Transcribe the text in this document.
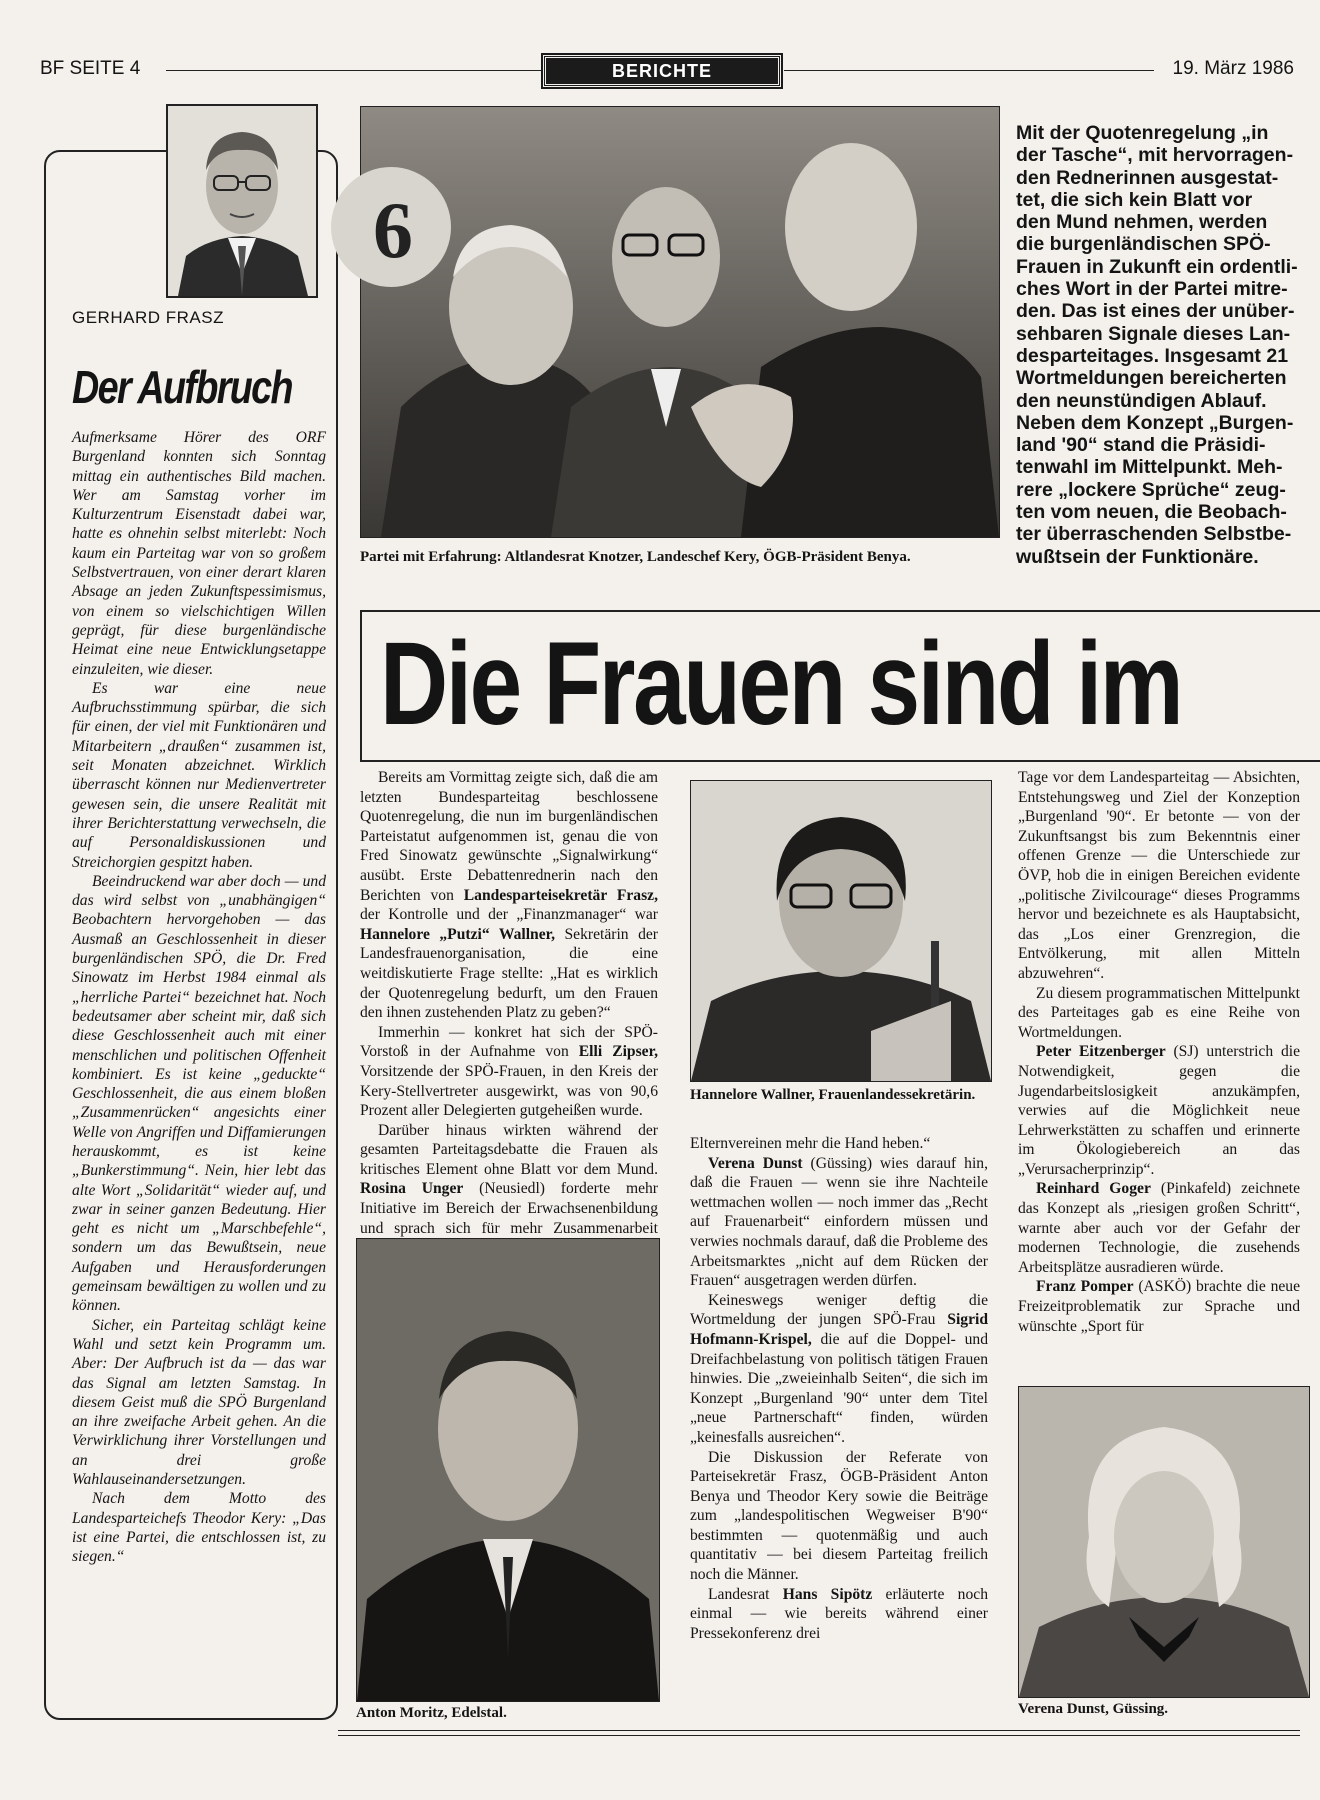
BF SEITE 4	BERICHTE	19. März 1986
GERHARD FRASZ
Der Aufbruch

Aufmerksame Hörer des ORF Burgenland konnten sich Sonntag mittag ein authentisches Bild machen. Wer am Samstag vorher im Kulturzentrum Eisenstadt dabei war, hatte es ohnehin selbst miterlebt: Noch kaum ein Parteitag war von so großem Selbstvertrauen, von einer derart klaren Absage an jeden Zukunftspessimismus, von einem so vielschichtigen Willen geprägt, für diese burgenländische Heimat eine neue Entwicklungsetappe einzuleiten, wie dieser.

Es war eine neue Aufbruchsstimmung spürbar, die sich für einen, der viel mit Funktionären und Mitarbeitern „draußen“ zusammen ist, seit Monaten abzeichnet. Wirklich überrascht können nur Medienvertreter gewesen sein, die unsere Realität mit ihrer Berichterstattung verwechseln, die auf Personaldiskussionen und Streichorgien gespitzt haben.

Beeindruckend war aber doch — und das wird selbst von „unabhängigen“ Beobachtern hervorgehoben — das Ausmaß an Geschlossenheit in dieser burgenländischen SPÖ, die Dr. Fred Sinowatz im Herbst 1984 einmal als „herrliche Partei“ bezeichnet hat. Noch bedeutsamer aber scheint mir, daß sich diese Geschlossenheit auch mit einer menschlichen und politischen Offenheit kombiniert. Es ist keine „geduckte“ Geschlossenheit, die aus einem bloßen „Zusammenrücken“ angesichts einer Welle von Angriffen und Diffamierungen herauskommt, es ist keine „Bunkerstimmung“. Nein, hier lebt das alte Wort „Solidarität“ wieder auf, und zwar in seiner ganzen Bedeutung. Hier geht es nicht um „Marschbefehle“, sondern um das Bewußtsein, neue Aufgaben und Herausforderungen gemeinsam bewältigen zu wollen und zu können.

Sicher, ein Parteitag schlägt keine Wahl und setzt kein Programm um. Aber: Der Aufbruch ist da — das war das Signal am letzten Samstag. In diesem Geist muß die SPÖ Burgenland an ihre zweifache Arbeit gehen. An die Verwirklichung ihrer Vorstellungen und an drei große Wahlauseinandersetzungen.

Nach dem Motto des Landesparteichefs Theodor Kery: „Das ist eine Partei, die entschlossen ist, zu siegen.“

6
Partei mit Erfahrung: Altlandesrat Knotzer, Landeschef Kery, ÖGB-Präsident Benya.
Mit der Quotenregelung „in
der Tasche“, mit hervorragen-
den Rednerinnen ausgestat-
tet, die sich kein Blatt vor
den Mund nehmen, werden
die burgenländischen SPÖ-
Frauen in Zukunft ein ordentli-
ches Wort in der Partei mitre-
den. Das ist eines der unüber-
sehbaren Signale dieses Lan-
desparteitages. Insgesamt 21
Wortmeldungen bereicherten
den neunstündigen Ablauf.
Neben dem Konzept „Burgen-
land '90“ stand die Präsidi-
tenwahl im Mittelpunkt. Meh-
rere „lockere Sprüche“ zeug-
ten vom neuen, die Beobach-
ter überraschenden Selbstbe-
wußtsein der Funktionäre.
Die Frauen sind im

Bereits am Vormittag zeigte sich, daß die am letzten Bundesparteitag beschlossene Quotenregelung, die nun im burgenländischen Parteistatut aufgenommen ist, genau die von Fred Sinowatz gewünschte „Signalwirkung“ ausübt. Erste Debattenrednerin nach den Berichten von Landesparteisekretär Frasz, der Kontrolle und der „Finanzmanager“ war Hannelore „Putzi“ Wallner, Sekretärin der Landesfrauenorganisation, die eine weitdiskutierte Frage stellte: „Hat es wirklich der Quotenregelung bedurft, um den Frauen den ihnen zustehenden Platz zu geben?“

Immerhin — konkret hat sich der SPÖ-Vorstoß in der Aufnahme von Elli Zipser, Vorsitzende der SPÖ-Frauen, in den Kreis der Kery-Stellvertreter ausgewirkt, was von 90,6 Prozent aller Delegierten gutgeheißen wurde.

Darüber hinaus wirkten während der gesamten Parteitagsdebatte die Frauen als kritisches Element ohne Blatt vor dem Mund. Rosina Unger (Neusiedl) forderte mehr Initiative im Bereich der Erwachsenenbildung und sprach sich für mehr Zusammenarbeit

Anton Moritz, Edelstal.
Hannelore Wallner, Frauenlandessekretärin.

Elternvereinen mehr die Hand heben.“

Verena Dunst (Güssing) wies darauf hin, daß die Frauen — wenn sie ihre Nachteile wettmachen wollen — noch immer das „Recht auf Frauenarbeit“ einfordern müssen und verwies nochmals darauf, daß die Probleme des Arbeitsmarktes „nicht auf dem Rücken der Frauen“ ausgetragen werden dürfen.

Keineswegs weniger deftig die Wortmeldung der jungen SPÖ-Frau Sigrid Hofmann-Krispel, die auf die Doppel- und Dreifachbelastung von politisch tätigen Frauen hinwies. Die „zweieinhalb Seiten“, die sich im Konzept „Burgenland '90“ unter dem Titel „neue Partnerschaft“ finden, würden „keinesfalls ausreichen“.

Die Diskussion der Referate von Parteisekretär Frasz, ÖGB-Präsident Anton Benya und Theodor Kery sowie die Beiträge zum „landespolitischen Wegweiser B'90“ bestimmten — quotenmäßig und auch quantitativ — bei diesem Parteitag freilich noch die Männer.

Landesrat Hans Sipötz erläuterte noch einmal — wie bereits während einer Pressekonferenz drei

Tage vor dem Landesparteitag — Absichten, Entstehungsweg und Ziel der Konzeption „Burgenland '90“. Er betonte — von der Zukunftsangst bis zum Bekenntnis einer offenen Grenze — die Unterschiede zur ÖVP, hob die in einigen Bereichen evidente „politische Zivilcourage“ dieses Programms hervor und bezeichnete es als Hauptabsicht, das „Los einer Grenzregion, die Entvölkerung, mit allen Mitteln abzuwehren“.

Zu diesem programmatischen Mittelpunkt des Parteitages gab es eine Reihe von Wortmeldungen.

Peter Eitzenberger (SJ) unterstrich die Notwendigkeit, gegen die Jugendarbeitslosigkeit anzukämpfen, verwies auf die Möglichkeit neue Lehrwerkstätten zu schaffen und erinnerte im Ökologiebereich an das „Verursacherprinzip“.

Reinhard Goger (Pinkafeld) zeichnete das Konzept als „riesigen großen Schritt“, warnte aber auch vor der Gefahr der modernen Technologie, die zusehends Arbeitsplätze ausradieren würde.

Franz Pomper (ASKÖ) brachte die neue Freizeitproblematik zur Sprache und wünschte „Sport für

Verena Dunst, Güssing.
